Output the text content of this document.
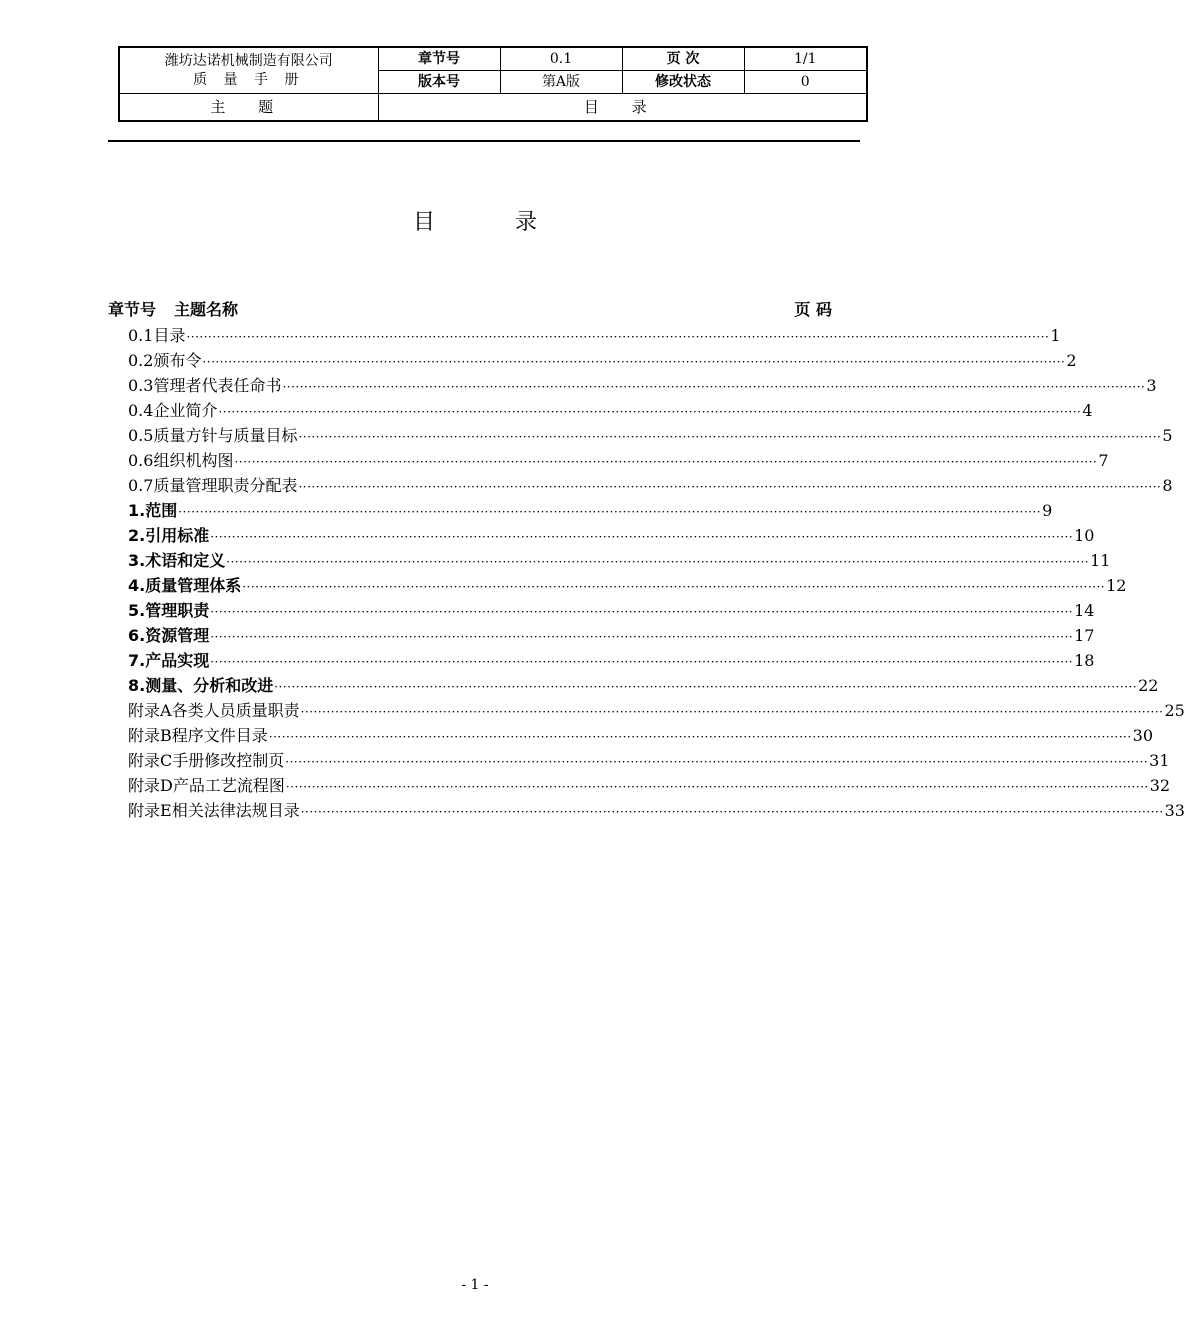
潍坊达诺机械制造有限公司
质 量 手 册	章节号	0.1	页 次	1/1
	版本号	第A版	修改状态	0
主 题	目 录			
目	录
章节号 主题名称	页 码
0.1 目录 ········································································································································································································ 1
0.2 颁布令 ········································································································································································································ 2
0.3 管理者代表任命书 ········································································································································································································ 3
0.4 企业简介 ········································································································································································································ 4
0.5 质量方针与质量目标 ········································································································································································································ 5
0.6 组织机构图 ········································································································································································································ 7
0.7 质量管理职责分配表 ········································································································································································································ 8
1. 范围 ········································································································································································································ 9
2. 引用标准 ········································································································································································································ 10
3. 术语和定义 ········································································································································································································ 11
4. 质量管理体系 ········································································································································································································ 12
5. 管理职责 ········································································································································································································ 14
6. 资源管理 ········································································································································································································ 17
7. 产品实现 ········································································································································································································ 18
8. 测量、分析和改进 ········································································································································································································ 22
附录A 各类人员质量职责 ········································································································································································································ 25
附录B 程序文件目录 ········································································································································································································ 30
附录C 手册修改控制页 ········································································································································································································ 31
附录D 产品工艺流程图 ········································································································································································································ 32
附录E 相关法律法规目录 ········································································································································································································ 33
- 1 -
